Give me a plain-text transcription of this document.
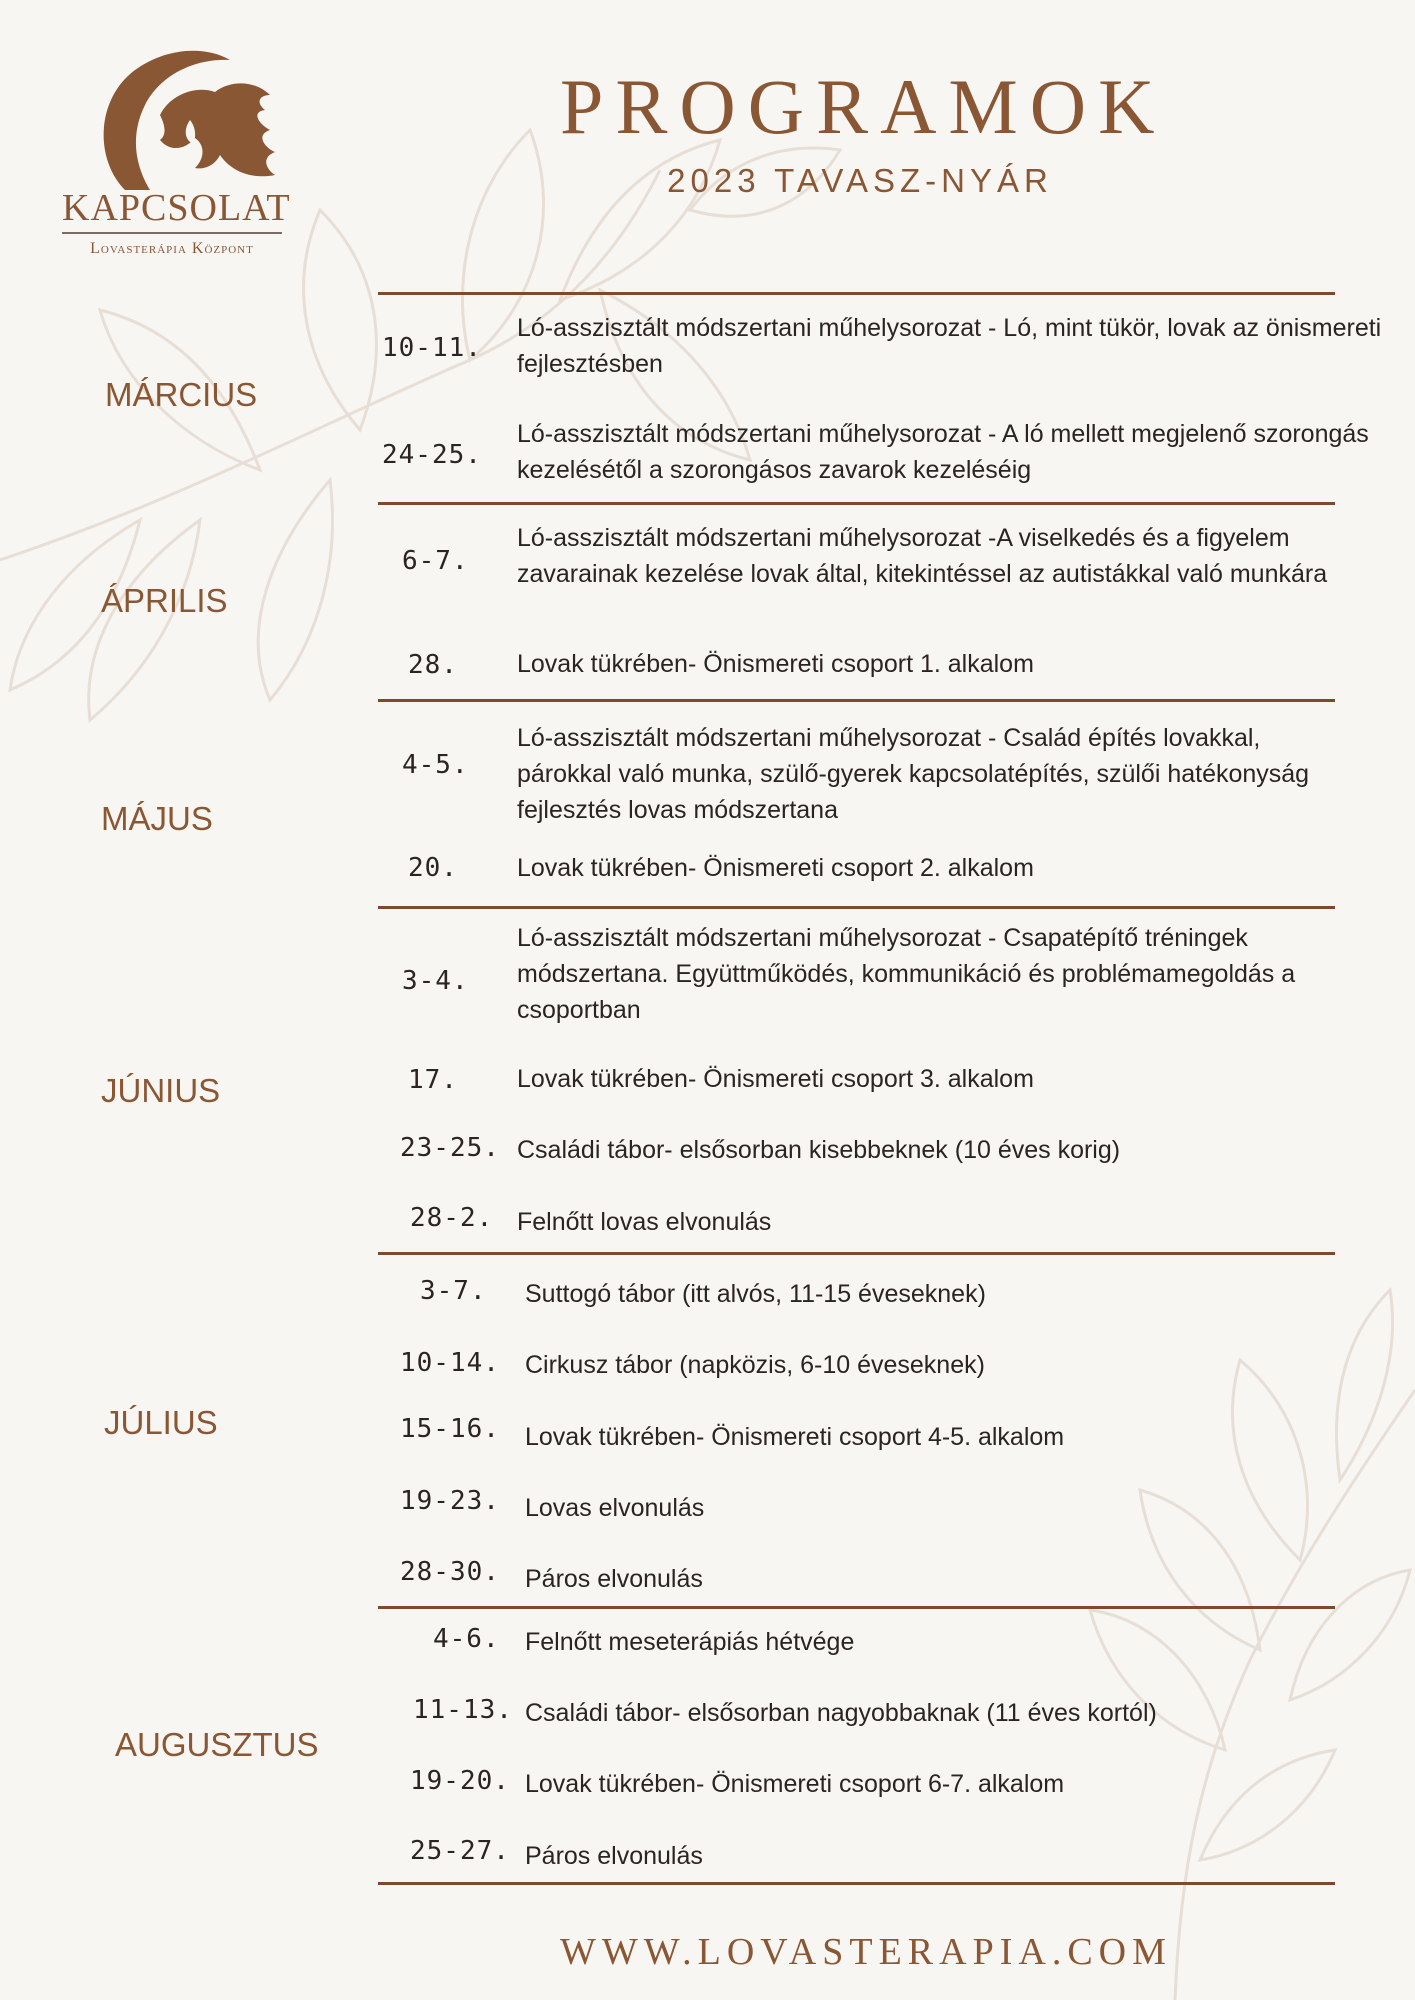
KAPCSOLAT
Lovasterápia Központ
PROGRAMOK
2023 TAVASZ-NYÁR
MÁRCIUS
10-11.
Ló-asszisztált módszertani műhelysorozat - Ló, mint tükör, lovak az önismereti fejlesztésben
24-25.
Ló-asszisztált módszertani műhelysorozat - A ló mellett megjelenő szorongás kezelésétől a szorongásos zavarok kezeléséig
ÁPRILIS
6-7.
Ló-asszisztált módszertani műhelysorozat -A viselkedés és a figyelem zavarainak kezelése lovak által, kitekintéssel az autistákkal való munkára
28. Lovak tükrében- Önismereti csoport 1. alkalom
MÁJUS
4-5.
Ló-asszisztált módszertani műhelysorozat - Család építés lovakkal, párokkal való munka, szülő-gyerek kapcsolatépítés, szülői hatékonyság fejlesztés lovas módszertana
20. Lovak tükrében- Önismereti csoport 2. alkalom
JÚNIUS
3-4.
Ló-asszisztált módszertani műhelysorozat - Csapatépítő tréningek módszertana. Együttműködés, kommunikáció és problémamegoldás a csoportban
17. Lovak tükrében- Önismereti csoport 3. alkalom
23-25. Családi tábor- elsősorban kisebbeknek (10 éves korig)
28-2. Felnőtt lovas elvonulás
JÚLIUS
3-7. Suttogó tábor (itt alvós, 11-15 éveseknek)
10-14. Cirkusz tábor (napközis, 6-10 éveseknek)
15-16. Lovak tükrében- Önismereti csoport 4-5. alkalom
19-23. Lovas elvonulás
28-30. Páros elvonulás
AUGUSZTUS
4-6. Felnőtt meseterápiás hétvége
11-13. Családi tábor- elsősorban nagyobbaknak (11 éves kortól)
19-20. Lovak tükrében- Önismereti csoport 6-7. alkalom
25-27. Páros elvonulás
WWW.LOVASTERAPIA.COM
